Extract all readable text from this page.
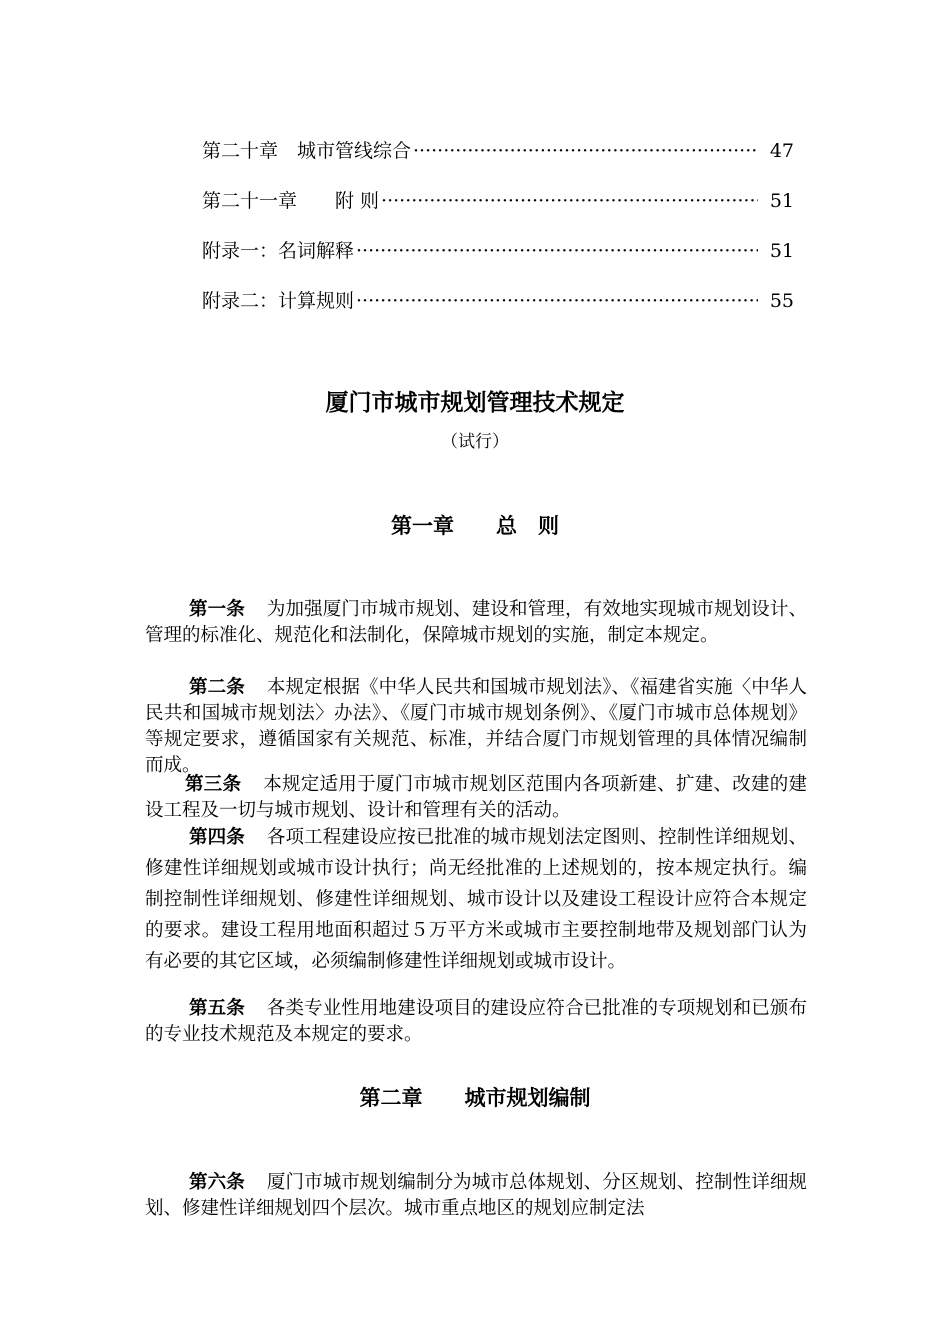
第二十章　城市管线综合 ·····	47
第二十一章　　附 则 ·····	51
附录一：名词解释 ·····	51
附录二：计算规则 ·····	55
厦门市城市规划管理技术规定
（试行）
第一章　　总　则

第一条 为加强厦门市城市规划、建设和管理，有效地实现城市规划设计、管理的标准化、规范化和法制化，保障城市规划的实施，制定本规定。

第二条 本规定根据《中华人民共和国城市规划法》、《福建省实施〈中华人民共和国城市规划法〉办法》、《厦门市城市规划条例》、《厦门市城市总体规划》等规定要求，遵循国家有关规范、标准，并结合厦门市规划管理的具体情况编制而成。

第三条 本规定适用于厦门市城市规划区范围内各项新建、扩建、改建的建设工程及一切与城市规划、设计和管理有关的活动。

第四条 各项工程建设应按已批准的城市规划法定图则、控制性详细规划、修建性详细规划或城市设计执行；尚无经批准的上述规划的，按本规定执行。编制控制性详细规划、修建性详细规划、城市设计以及建设工程设计应符合本规定的要求。建设工程用地面积超过５万平方米或城市主要控制地带及规划部门认为有必要的其它区域，必须编制修建性详细规划或城市设计。

第五条 各类专业性用地建设项目的建设应符合已批准的专项规划和已颁布的专业技术规范及本规定的要求。

第二章　　城市规划编制

第六条 厦门市城市规划编制分为城市总体规划、分区规划、控制性详细规划、修建性详细规划四个层次。城市重点地区的规划应制定法
